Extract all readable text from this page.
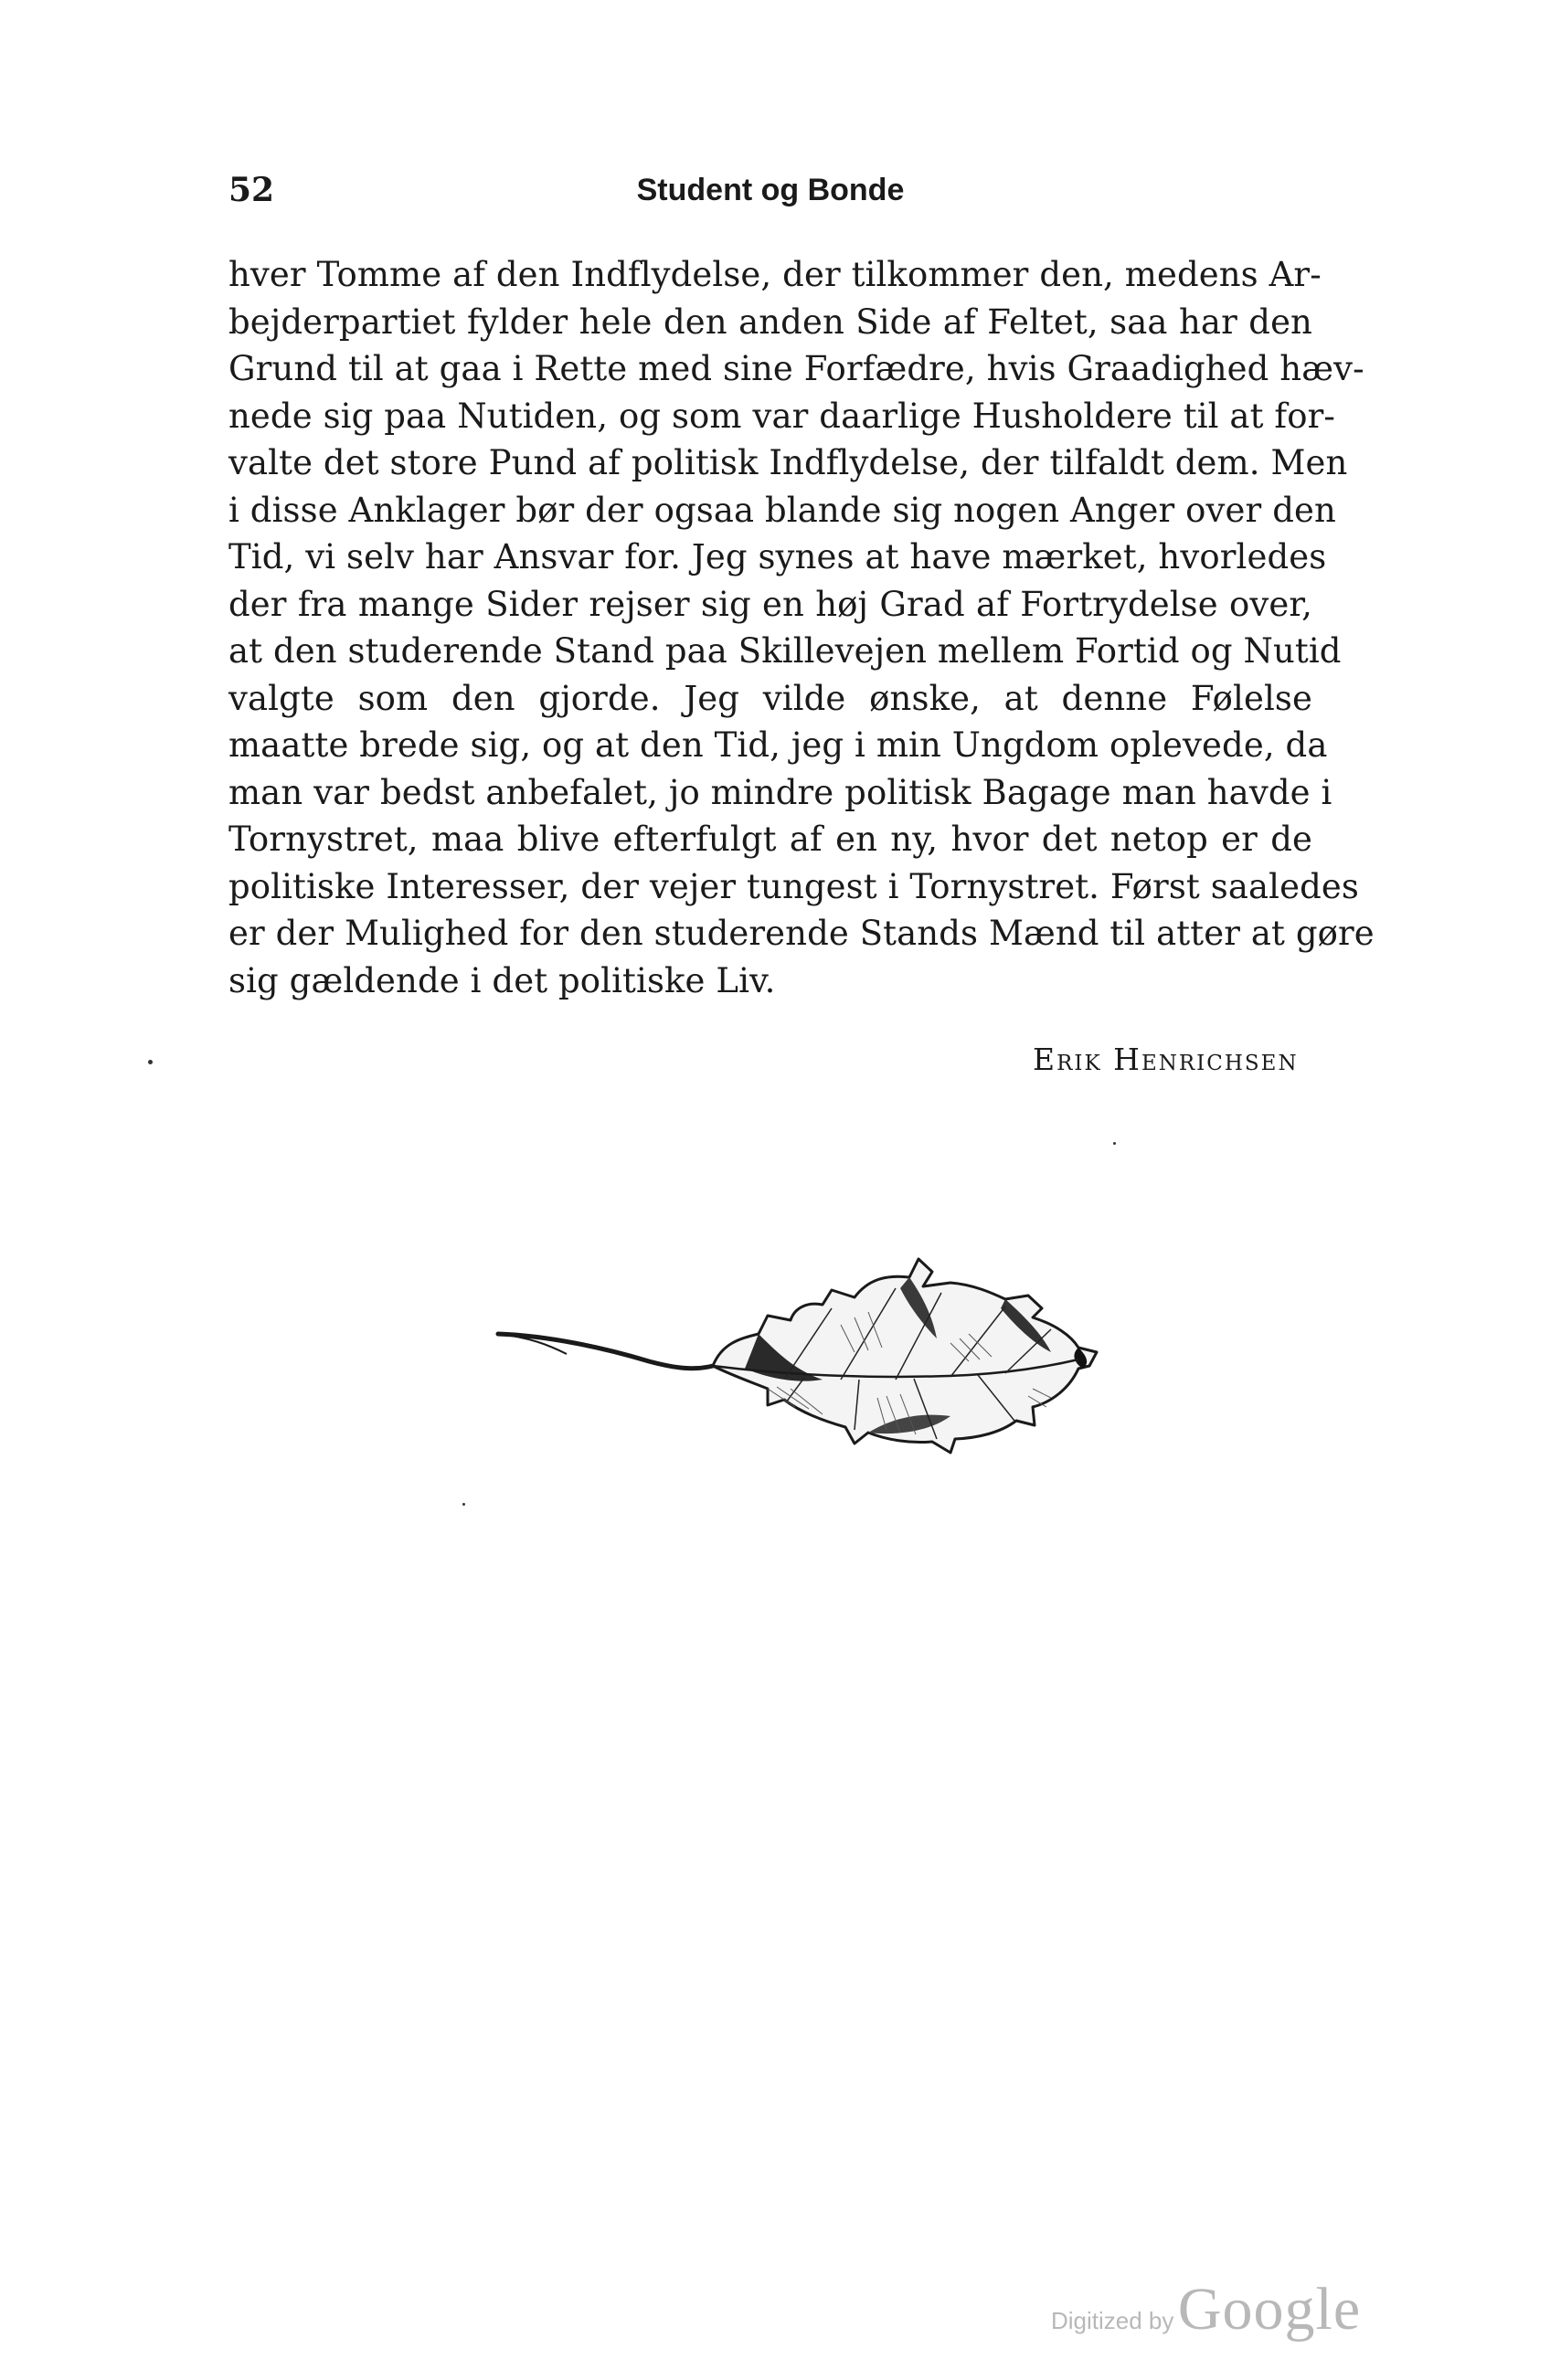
52	Student og Bonde
hver Tomme af den Indflydelse, der tilkommer den, medens Ar-
bejderpartiet fylder hele den anden Side af Feltet, saa har den
Grund til at gaa i Rette med sine Forfædre, hvis Graadighed hæv-
nede sig paa Nutiden, og som var daarlige Husholdere til at for-
valte det store Pund af politisk Indflydelse, der tilfaldt dem. Men
i disse Anklager bør der ogsaa blande sig nogen Anger over den
Tid, vi selv har Ansvar for. Jeg synes at have mærket, hvorledes
der fra mange Sider rejser sig en høj Grad af Fortrydelse over,
at den studerende Stand paa Skillevejen mellem Fortid og Nutid
valgte som den gjorde. Jeg vilde ønske, at denne Følelse
maatte brede sig, og at den Tid, jeg i min Ungdom oplevede, da
man var bedst anbefalet, jo mindre politisk Bagage man havde i
Tornystret, maa blive efterfulgt af en ny, hvor det netop er de
politiske Interesser, der vejer tungest i Tornystret. Først saaledes
er der Mulighed for den studerende Stands Mænd til atter at gøre
sig gældende i det politiske Liv.
Erik Henrichsen
Digitized by Google
